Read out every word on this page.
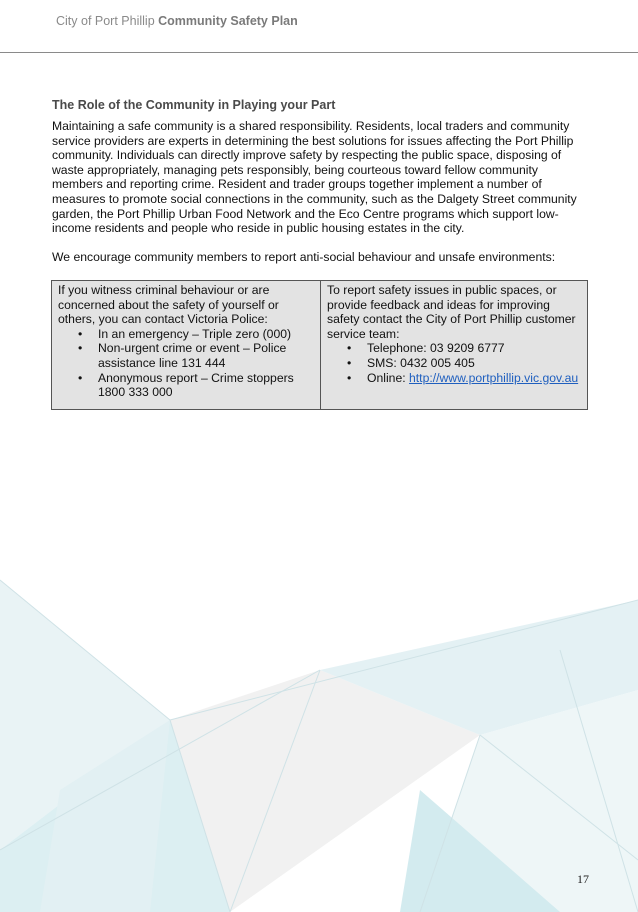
City of Port Phillip Community Safety Plan
The Role of the Community in Playing your Part

Maintaining a safe community is a shared responsibility. Residents, local traders and community service providers are experts in determining the best solutions for issues affecting the Port Phillip community. Individuals can directly improve safety by respecting the public space, disposing of waste appropriately, managing pets responsibly, being courteous toward fellow community members and reporting crime. Resident and trader groups together implement a number of measures to promote social connections in the community, such as the Dalgety Street community garden, the Port Phillip Urban Food Network and the Eco Centre programs which support low-income residents and people who reside in public housing estates in the city.

We encourage community members to report anti-social behaviour and unsafe environments:

If you witness criminal behaviour or are concerned about the safety of yourself or others, you can contact Victoria Police:
• In an emergency – Triple zero (000)
• Non-urgent crime or event – Police assistance line 131 444
• Anonymous report – Crime stoppers 1800 333 000
To report safety issues in public spaces, or provide feedback and ideas for improving safety contact the City of Port Phillip customer service team:
• Telephone: 03 9209 6777
• SMS: 0432 005 405
• Online: http://www.portphillip.vic.gov.au
17
